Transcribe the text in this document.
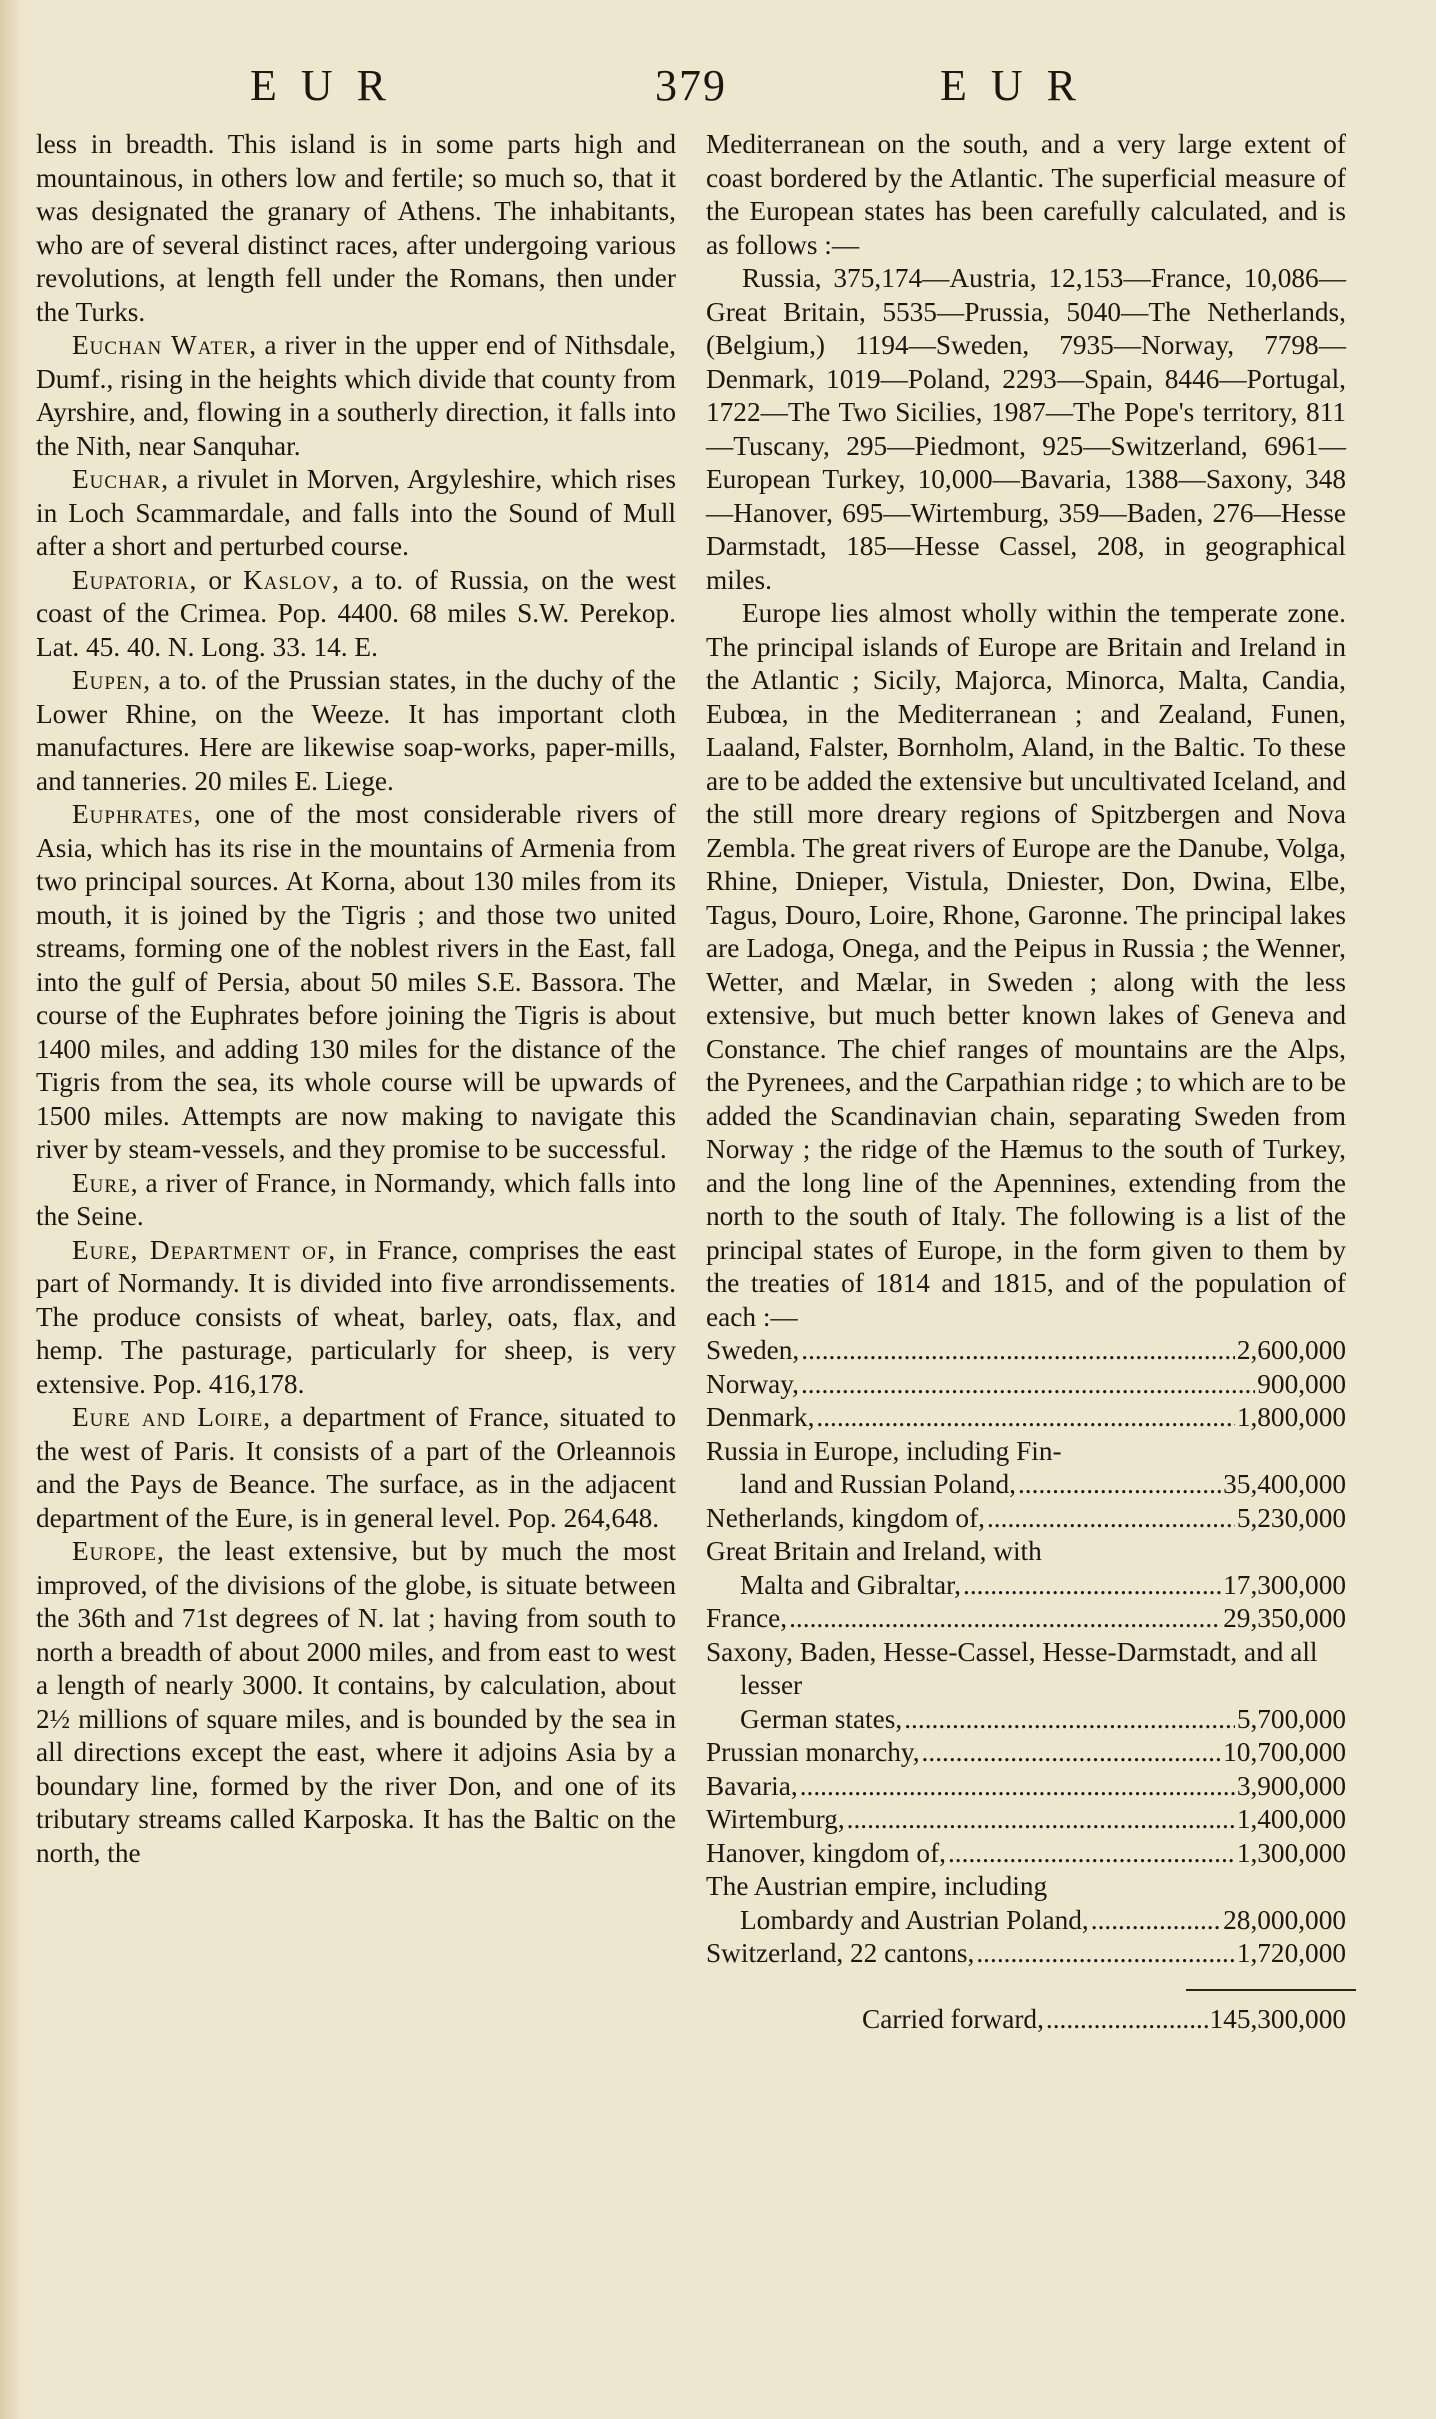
EUR	379	EUR

less in breadth. This island is in some parts high and mountainous, in others low and fertile; so much so, that it was designated the granary of Athens. The inhabitants, who are of several distinct races, after undergoing various revolutions, at length fell under the Romans, then under the Turks.

Euchan Water, a river in the upper end of Nithsdale, Dumf., rising in the heights which divide that county from Ayrshire, and, flowing in a southerly direction, it falls into the Nith, near Sanquhar.

Euchar, a rivulet in Morven, Argyleshire, which rises in Loch Scammardale, and falls into the Sound of Mull after a short and perturbed course.

Eupatoria, or Kaslov, a to. of Russia, on the west coast of the Crimea. Pop. 4400. 68 miles S.W. Perekop. Lat. 45. 40. N. Long. 33. 14. E.

Eupen, a to. of the Prussian states, in the duchy of the Lower Rhine, on the Weeze. It has important cloth manufactures. Here are likewise soap-works, paper-mills, and tanneries. 20 miles E. Liege.

Euphrates, one of the most considerable rivers of Asia, which has its rise in the mountains of Armenia from two principal sources. At Korna, about 130 miles from its mouth, it is joined by the Tigris ; and those two united streams, forming one of the noblest rivers in the East, fall into the gulf of Persia, about 50 miles S.E. Bassora. The course of the Euphrates before joining the Tigris is about 1400 miles, and adding 130 miles for the distance of the Tigris from the sea, its whole course will be upwards of 1500 miles. Attempts are now making to navigate this river by steam-vessels, and they promise to be successful.

Eure, a river of France, in Normandy, which falls into the Seine.

Eure, Department of, in France, comprises the east part of Normandy. It is divided into five arrondissements. The produce consists of wheat, barley, oats, flax, and hemp. The pasturage, particularly for sheep, is very extensive. Pop. 416,178.

Eure and Loire, a department of France, situated to the west of Paris. It consists of a part of the Orleannois and the Pays de Beance. The surface, as in the adjacent department of the Eure, is in general level. Pop. 264,648.

Europe, the least extensive, but by much the most improved, of the divisions of the globe, is situate between the 36th and 71st degrees of N. lat ; having from south to north a breadth of about 2000 miles, and from east to west a length of nearly 3000. It contains, by calculation, about 2½ millions of square miles, and is bounded by the sea in all directions except the east, where it adjoins Asia by a boundary line, formed by the river Don, and one of its tributary streams called Karposka. It has the Baltic on the north, the

Mediterranean on the south, and a very large extent of coast bordered by the Atlantic. The superficial measure of the European states has been carefully calculated, and is as follows :—

Russia, 375,174—Austria, 12,153—France, 10,086—Great Britain, 5535—Prussia, 5040—The Netherlands, (Belgium,) 1194—Sweden, 7935—Norway, 7798—Denmark, 1019—Poland, 2293—Spain, 8446—Portugal, 1722—The Two Sicilies, 1987—The Pope's territory, 811—Tuscany, 295—Piedmont, 925—Switzerland, 6961—European Turkey, 10,000—Bavaria, 1388—Saxony, 348—Hanover, 695—Wirtemburg, 359—Baden, 276—Hesse Darmstadt, 185—Hesse Cassel, 208, in geographical miles.

Europe lies almost wholly within the temperate zone. The principal islands of Europe are Britain and Ireland in the Atlantic ; Sicily, Majorca, Minorca, Malta, Candia, Eubœa, in the Mediterranean ; and Zealand, Funen, Laaland, Falster, Bornholm, Aland, in the Baltic. To these are to be added the extensive but uncultivated Iceland, and the still more dreary regions of Spitzbergen and Nova Zembla. The great rivers of Europe are the Danube, Volga, Rhine, Dnieper, Vistula, Dniester, Don, Dwina, Elbe, Tagus, Douro, Loire, Rhone, Garonne. The principal lakes are Ladoga, Onega, and the Peipus in Russia ; the Wenner, Wetter, and Mælar, in Sweden ; along with the less extensive, but much better known lakes of Geneva and Constance. The chief ranges of mountains are the Alps, the Pyrenees, and the Carpathian ridge ; to which are to be added the Scandinavian chain, separating Sweden from Norway ; the ridge of the Hæmus to the south of Turkey, and the long line of the Apennines, extending from the north to the south of Italy. The following is a list of the principal states of Europe, in the form given to them by the treaties of 1814 and 1815, and of the population of each :—

Sweden, .....	2,600,000
Norway, .....	900,000
Denmark, .....	1,800,000
Russia in Europe, including Fin-
land and Russian Poland, .....	35,400,000
Netherlands, kingdom of, .....	5,230,000
Great Britain and Ireland, with
Malta and Gibraltar, .....	17,300,000
France, .....	29,350,000
Saxony, Baden, Hesse-Cassel, Hesse-Darmstadt, and all lesser
German states, .....	5,700,000
Prussian monarchy, .....	10,700,000
Bavaria, .....	3,900,000
Wirtemburg, .....	1,400,000
Hanover, kingdom of, .....	1,300,000
The Austrian empire, including
Lombardy and Austrian Poland, .....	28,000,000
Switzerland, 22 cantons, .....	1,720,000
Carried forward, .....	145,300,000
